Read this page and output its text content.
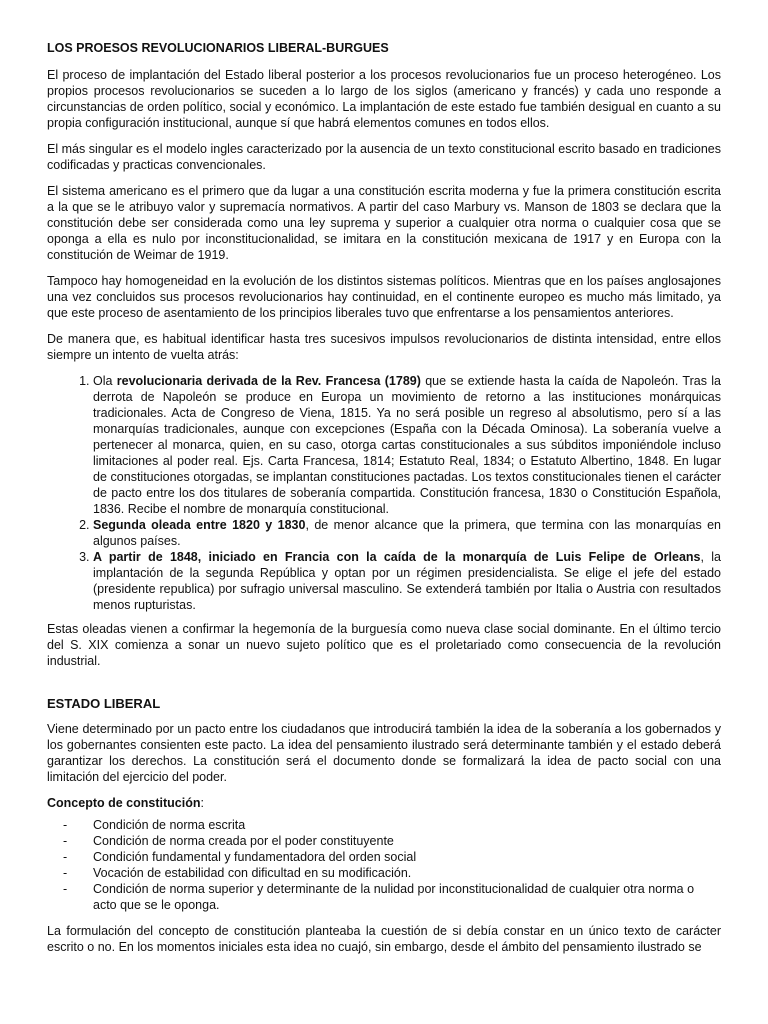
LOS PROESOS REVOLUCIONARIOS LIBERAL-BURGUES

El proceso de implantación del Estado liberal posterior a los procesos revolucionarios fue un proceso heterogéneo. Los propios procesos revolucionarios se suceden a lo largo de los siglos (americano y francés) y cada uno responde a circunstancias de orden político, social y económico. La implantación de este estado fue también desigual en cuanto a su propia configuración institucional, aunque sí que habrá elementos comunes en todos ellos.

El más singular es el modelo ingles caracterizado por la ausencia de un texto constitucional escrito basado en tradiciones codificadas y practicas convencionales.

El sistema americano es el primero que da lugar a una constitución escrita moderna y fue la primera constitución escrita a la que se le atribuyo valor y supremacía normativos. A partir del caso Marbury vs. Manson de 1803 se declara que la constitución debe ser considerada como una ley suprema y superior a cualquier otra norma o cualquier cosa que se oponga a ella es nulo por inconstitucionalidad, se imitara en la constitución mexicana de 1917 y en Europa con la constitución de Weimar de 1919.

Tampoco hay homogeneidad en la evolución de los distintos sistemas políticos. Mientras que en los países anglosajones una vez concluidos sus procesos revolucionarios hay continuidad, en el continente europeo es mucho más limitado, ya que este proceso de asentamiento de los principios liberales tuvo que enfrentarse a los pensamientos anteriores.

De manera que, es habitual identificar hasta tres sucesivos impulsos revolucionarios de distinta intensidad, entre ellos siempre un intento de vuelta atrás:

1. Ola revolucionaria derivada de la Rev. Francesa (1789) que se extiende hasta la caída de Napoleón. Tras la derrota de Napoleón se produce en Europa un movimiento de retorno a las instituciones monárquicas tradicionales. Acta de Congreso de Viena, 1815. Ya no será posible un regreso al absolutismo, pero sí a las monarquías tradicionales, aunque con excepciones (España con la Década Ominosa). La soberanía vuelve a pertenecer al monarca, quien, en su caso, otorga cartas constitucionales a sus súbditos imponiéndole incluso limitaciones al poder real. Ejs. Carta Francesa, 1814; Estatuto Real, 1834; o Estatuto Albertino, 1848. En lugar de constituciones otorgadas, se implantan constituciones pactadas. Los textos constitucionales tienen el carácter de pacto entre los dos titulares de soberanía compartida. Constitución francesa, 1830 o Constitución Española, 1836. Recibe el nombre de monarquía constitucional.
2. Segunda oleada entre 1820 y 1830, de menor alcance que la primera, que termina con las monarquías en algunos países.
3. A partir de 1848, iniciado en Francia con la caída de la monarquía de Luis Felipe de Orleans, la implantación de la segunda República y optan por un régimen presidencialista. Se elige el jefe del estado (presidente republica) por sufragio universal masculino. Se extenderá también por Italia o Austria con resultados menos rupturistas.

Estas oleadas vienen a confirmar la hegemonía de la burguesía como nueva clase social dominante. En el último tercio del S. XIX comienza a sonar un nuevo sujeto político que es el proletariado como consecuencia de la revolución industrial.

ESTADO LIBERAL

Viene determinado por un pacto entre los ciudadanos que introducirá también la idea de la soberanía a los gobernados y los gobernantes consienten este pacto. La idea del pensamiento ilustrado será determinante también y el estado deberá garantizar los derechos. La constitución será el documento donde se formalizará la idea de pacto social con una limitación del ejercicio del poder.

Concepto de constitución:

- Condición de norma escrita
- Condición de norma creada por el poder constituyente
- Condición fundamental y fundamentadora del orden social
- Vocación de estabilidad con dificultad en su modificación.
- Condición de norma superior y determinante de la nulidad por inconstitucionalidad de cualquier otra norma o acto que se le oponga.

La formulación del concepto de constitución planteaba la cuestión de si debía constar en un único texto de carácter escrito o no. En los momentos iniciales esta idea no cuajó, sin embargo, desde el ámbito del pensamiento ilustrado se
